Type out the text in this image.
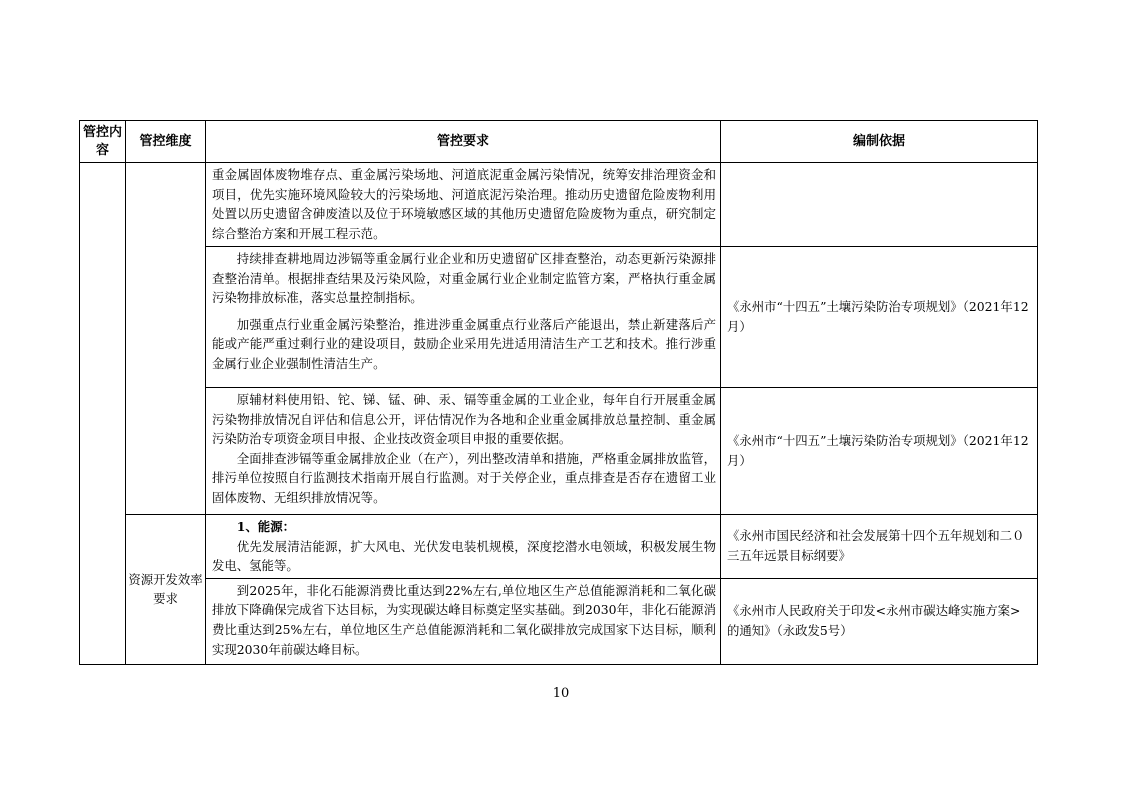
管控内容	管控维度	管控要求	编制依据

		重金属固体废物堆存点、重金属污染场地、河道底泥重金属污染情况，统筹安排治理资金和项目，优先实施环境风险较大的污染场地、河道底泥污染治理。推动历史遗留危险废物利用处置以历史遗留含砷废渣以及位于环境敏感区域的其他历史遗留危险废物为重点，研究制定综合整治方案和开展工程示范。	

		持续排查耕地周边涉镉等重金属行业企业和历史遗留矿区排查整治，动态更新污染源排查整治清单。根据排查结果及污染风险，对重金属行业企业制定监管方案，严格执行重金属污染物排放标准，落实总量控制指标。

加强重点行业重金属污染整治，推进涉重金属重点行业落后产能退出，禁止新建落后产能或产能严重过剩行业的建设项目，鼓励企业采用先进适用清洁生产工艺和技术。推行涉重金属行业企业强制性清洁生产。	《永州市“十四五”土壤污染防治专项规划》（2021年12月）

		原辅材料使用铅、铊、锑、锰、砷、汞、镉等重金属的工业企业，每年自行开展重金属污染物排放情况自评估和信息公开，评估情况作为各地和企业重金属排放总量控制、重金属污染防治专项资金项目申报、企业技改资金项目申报的重要依据。

全面排查涉镉等重金属排放企业（在产），列出整改清单和措施，严格重金属排放监管，排污单位按照自行监测技术指南开展自行监测。对于关停企业，重点排查是否存在遗留工业固体废物、无组织排放情况等。	《永州市“十四五”土壤污染防治专项规划》（2021年12月）
	资源开发效率要求	1、能源：

优先发展清洁能源，扩大风电、光伏发电装机规模，深度挖潜水电领域，积极发展生物发电、氢能等。	《永州市国民经济和社会发展第十四个五年规划和二０三五年远景目标纲要》

		到2025年，非化石能源消费比重达到22%左右,单位地区生产总值能源消耗和二氧化碳排放下降确保完成省下达目标，为实现碳达峰目标奠定坚实基础。到2030年，非化石能源消费比重达到25%左右，单位地区生产总值能源消耗和二氧化碳排放完成国家下达目标，顺利实现2030年前碳达峰目标。	《永州市人民政府关于印发<永州市碳达峰实施方案>的通知》（永政发5号）
10
